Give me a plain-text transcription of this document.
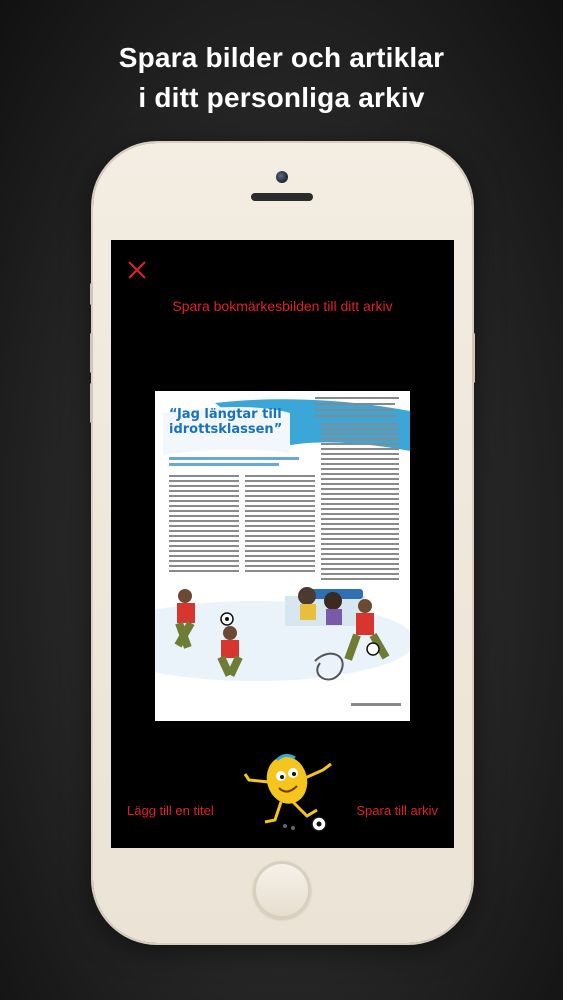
Spara bilder och artiklar
i ditt personliga arkiv
Spara bokmärkesbilden till ditt arkiv
“Jag längtar till
idrottsklassen”
Lägg till en titel	Spara till arkiv
